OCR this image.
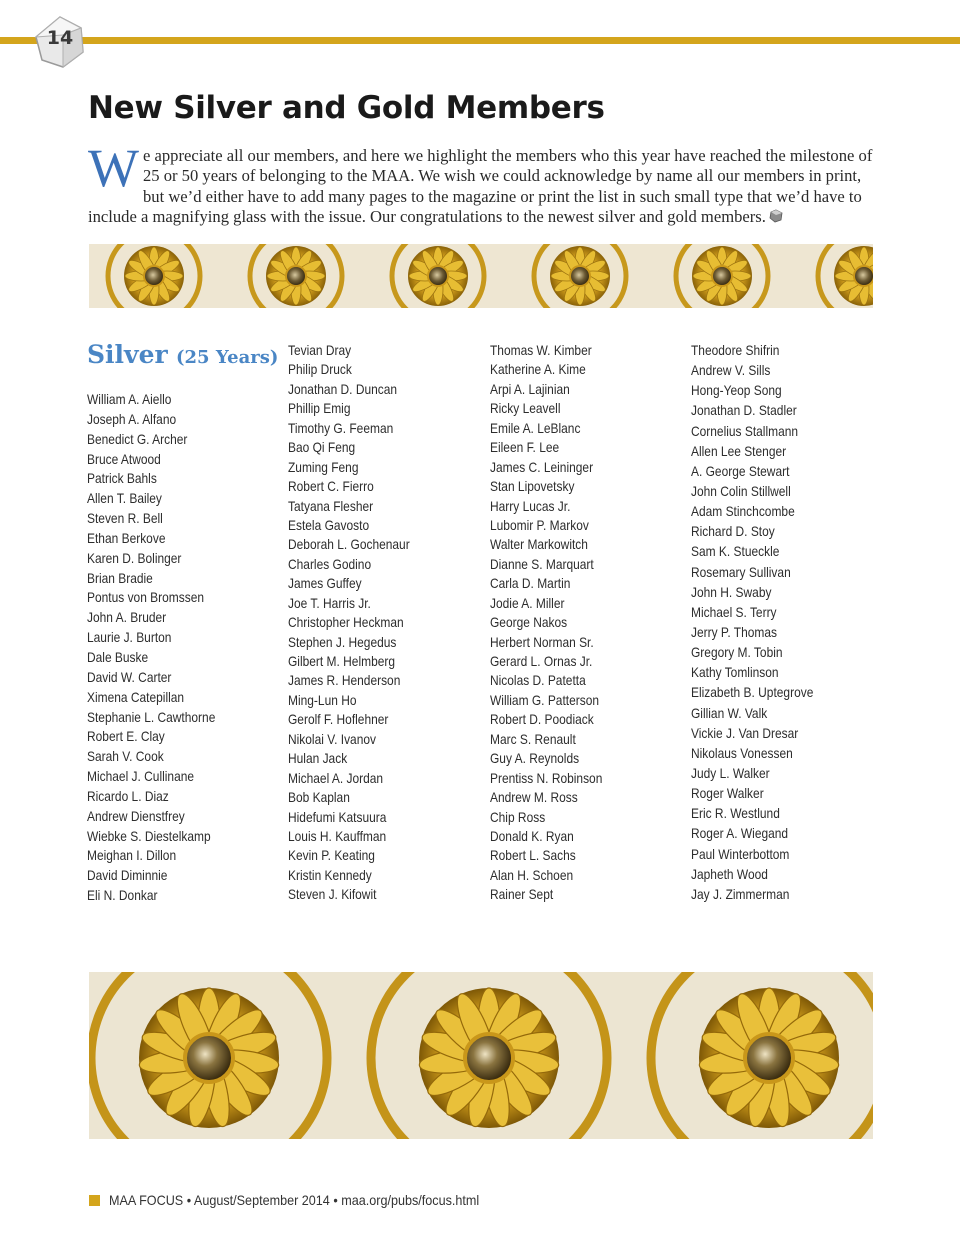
14
New Silver and Gold Members
We appreciate all our members, and here we highlight the members who this year have reached the milestone of 25 or 50 years of belonging to the MAA. We wish we could acknowledge by name all our members in print, but we’d either have to add many pages to the magazine or print the list in such small type that we’d have to include a magnifying glass with the issue. Our congratulations to the newest silver and gold members.
Silver (25 Years)
William A. Aiello
Joseph A. Alfano
Benedict G. Archer
Bruce Atwood
Patrick Bahls
Allen T. Bailey
Steven R. Bell
Ethan Berkove
Karen D. Bolinger
Brian Bradie
Pontus von Bromssen
John A. Bruder
Laurie J. Burton
Dale Buske
David W. Carter
Ximena Catepillan
Stephanie L. Cawthorne
Robert E. Clay
Sarah V. Cook
Michael J. Cullinane
Ricardo L. Diaz
Andrew Dienstfrey
Wiebke S. Diestelkamp
Meighan I. Dillon
David Diminnie
Eli N. Donkar
Tevian Dray
Philip Druck
Jonathan D. Duncan
Phillip Emig
Timothy G. Feeman
Bao Qi Feng
Zuming Feng
Robert C. Fierro
Tatyana Flesher
Estela Gavosto
Deborah L. Gochenaur
Charles Godino
James Guffey
Joe T. Harris Jr.
Christopher Heckman
Stephen J. Hegedus
Gilbert M. Helmberg
James R. Henderson
Ming-Lun Ho
Gerolf F. Hoflehner
Nikolai V. Ivanov
Hulan Jack
Michael A. Jordan
Bob Kaplan
Hidefumi Katsuura
Louis H. Kauffman
Kevin P. Keating
Kristin Kennedy
Steven J. Kifowit
Thomas W. Kimber
Katherine A. Kime
Arpi A. Lajinian
Ricky Leavell
Emile A. LeBlanc
Eileen F. Lee
James C. Leininger
Stan Lipovetsky
Harry Lucas Jr.
Lubomir P. Markov
Walter Markowitch
Dianne S. Marquart
Carla D. Martin
Jodie A. Miller
George Nakos
Herbert Norman Sr.
Gerard L. Ornas Jr.
Nicolas D. Patetta
William G. Patterson
Robert D. Poodiack
Marc S. Renault
Guy A. Reynolds
Prentiss N. Robinson
Andrew M. Ross
Chip Ross
Donald K. Ryan
Robert L. Sachs
Alan H. Schoen
Rainer Sept
Theodore Shifrin
Andrew V. Sills
Hong-Yeop Song
Jonathan D. Stadler
Cornelius Stallmann
Allen Lee Stenger
A. George Stewart
John Colin Stillwell
Adam Stinchcombe
Richard D. Stoy
Sam K. Stueckle
Rosemary Sullivan
John H. Swaby
Michael S. Terry
Jerry P. Thomas
Gregory M. Tobin
Kathy Tomlinson
Elizabeth B. Uptegrove
Gillian W. Valk
Vickie J. Van Dresar
Nikolaus Vonessen
Judy L. Walker
Roger Walker
Eric R. Westlund
Roger A. Wiegand
Paul Winterbottom
Japheth Wood
Jay J. Zimmerman
MAA FOCUS • August/September 2014 • maa.org/pubs/focus.html
